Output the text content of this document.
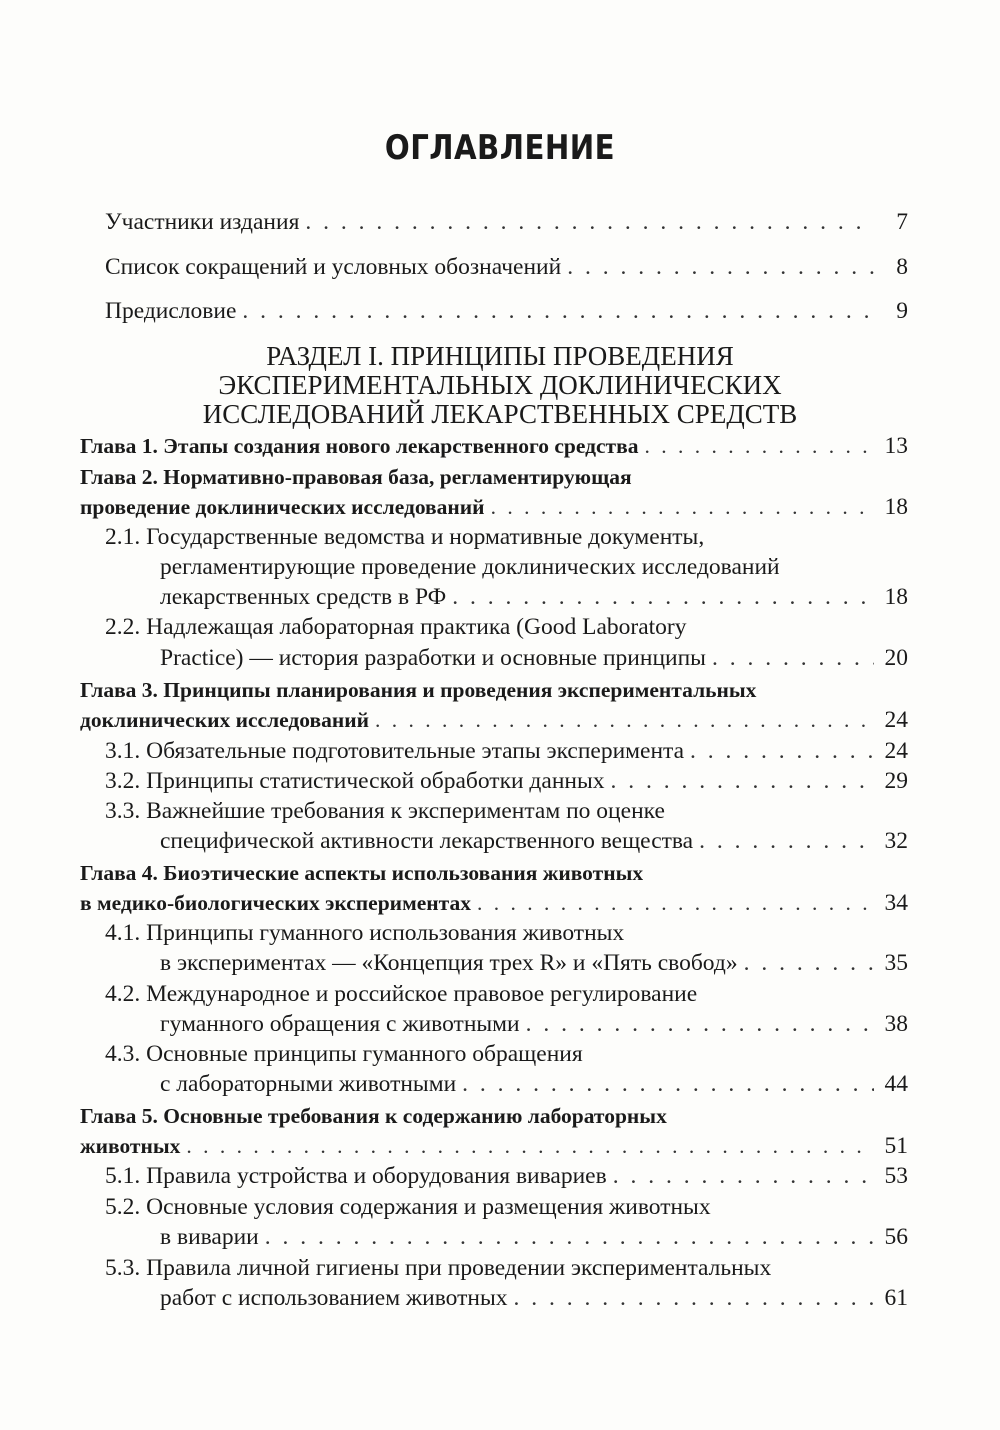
ОГЛАВЛЕНИЕ
Участники издания . . .	7
Список сокращений и условных обозначений . . .	8
Предисловие . . .	9
РАЗДЕЛ I. ПРИНЦИПЫ ПРОВЕДЕНИЯ
ЭКСПЕРИМЕНТАЛЬНЫХ ДОКЛИНИЧЕСКИХ
ИССЛЕДОВАНИЙ ЛЕКАРСТВЕННЫХ СРЕДСТВ
Глава 1. Этапы создания нового лекарственного средства . . .	13
Глава 2. Нормативно-правовая база, регламентирующая
проведение доклинических исследований . . .	18
2.1. Государственные ведомства и нормативные документы,
регламентирующие проведение доклинических исследований
лекарственных средств в РФ . . .	18
2.2. Надлежащая лабораторная практика (Good Laboratory
Practice) — история разработки и основные принципы . . .	20
Глава 3. Принципы планирования и проведения экспериментальных
доклинических исследований . . .	24
3.1. Обязательные подготовительные этапы эксперимента . . .	24
3.2. Принципы статистической обработки данных . . .	29
3.3. Важнейшие требования к экспериментам по оценке
специфической активности лекарственного вещества . . .	32
Глава 4. Биоэтические аспекты использования животных
в медико-биологических экспериментах . . .	34
4.1. Принципы гуманного использования животных
в экспериментах — «Концепция трех R» и «Пять свобод» . . .	35
4.2. Международное и российское правовое регулирование
гуманного обращения с животными . . .	38
4.3. Основные принципы гуманного обращения
с лабораторными животными . . .	44
Глава 5. Основные требования к содержанию лабораторных
животных . . .	51
5.1. Правила устройства и оборудования вивариев . . .	53
5.2. Основные условия содержания и размещения животных
в виварии . . .	56
5.3. Правила личной гигиены при проведении экспериментальных
работ с использованием животных . . .	61
